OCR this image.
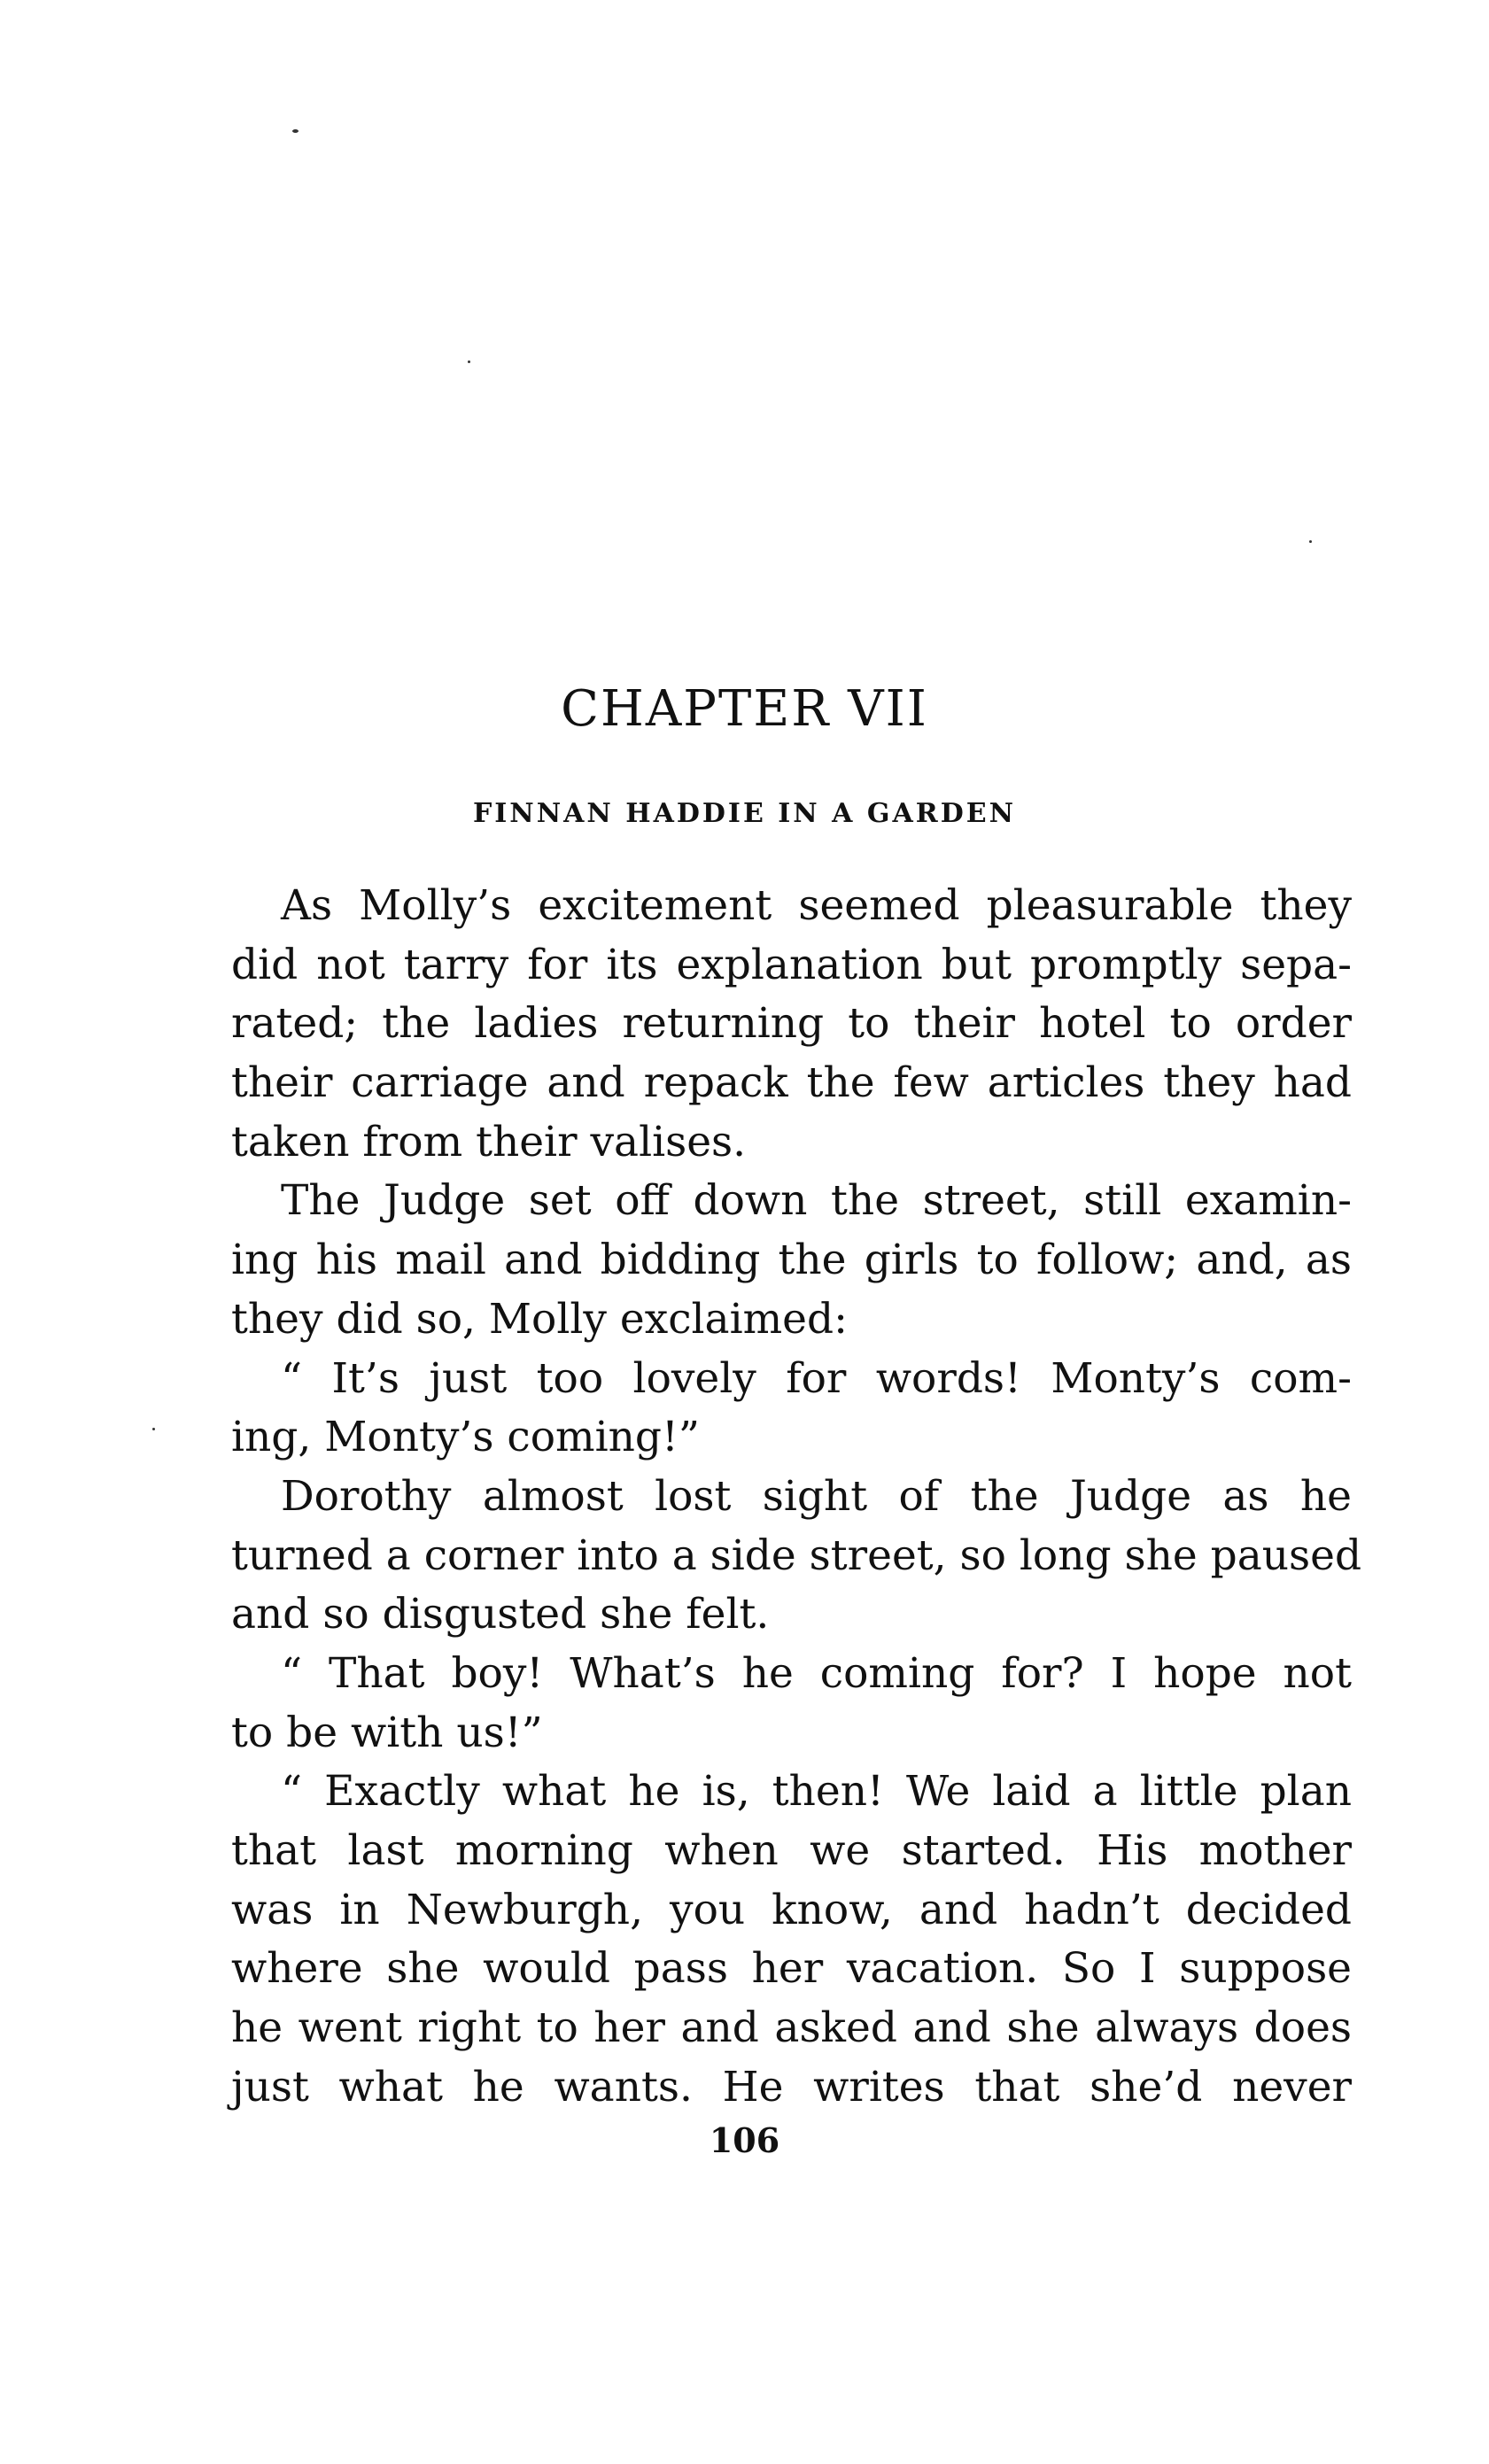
CHAPTER VII
FINNAN HADDIE IN A GARDEN
As Molly’s excitement seemed pleasurable they
did not tarry for its explanation but promptly sepa-
rated; the ladies returning to their hotel to order
their carriage and repack the few articles they had
taken from their valises.
The Judge set off down the street, still examin-
ing his mail and bidding the girls to follow; and, as
they did so, Molly exclaimed:
“ It’s just too lovely for words! Monty’s com-
ing, Monty’s coming!”
Dorothy almost lost sight of the Judge as he
turned a corner into a side street, so long she paused
and so disgusted she felt.
“ That boy! What’s he coming for? I hope not
to be with us!”
“ Exactly what he is, then! We laid a little plan
that last morning when we started. His mother
was in Newburgh, you know, and hadn’t decided
where she would pass her vacation. So I suppose
he went right to her and asked and she always does
just what he wants. He writes that she’d never
106
